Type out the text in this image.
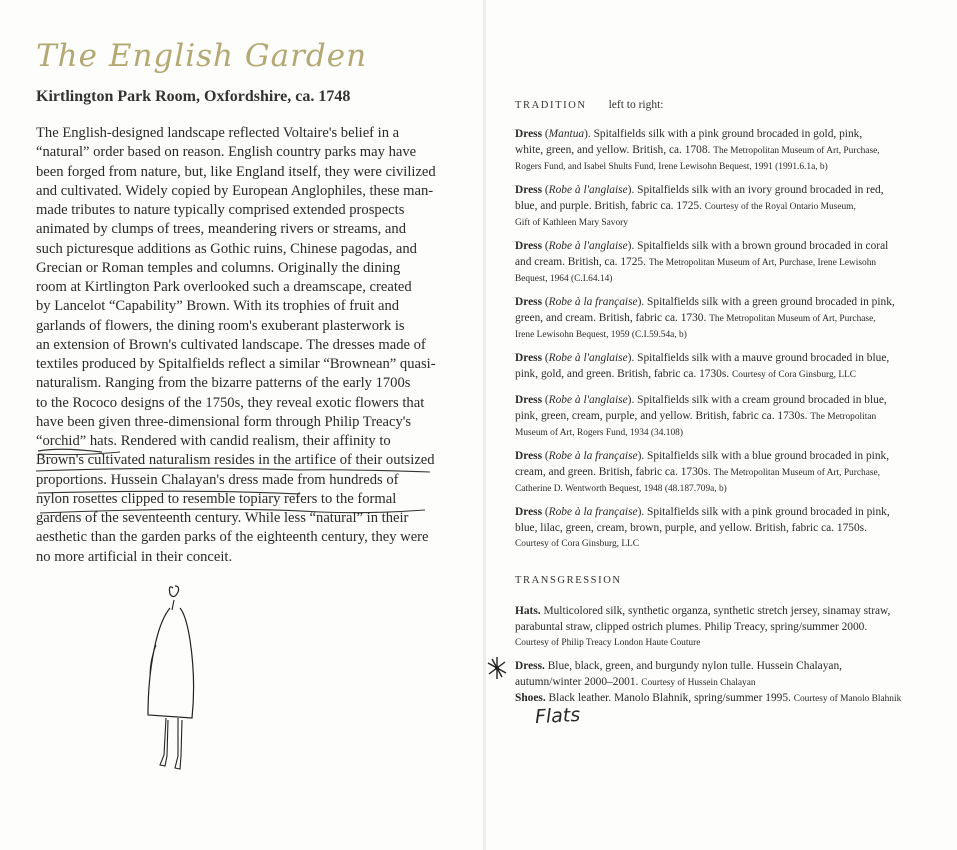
The English Garden
Kirtlington Park Room, Oxfordshire, ca. 1748
The English-designed landscape reflected Voltaire's belief in a
“natural” order based on reason. English country parks may have
been forged from nature, but, like England itself, they were civilized
and cultivated. Widely copied by European Anglophiles, these man-
made tributes to nature typically comprised extended prospects
animated by clumps of trees, meandering rivers or streams, and
such picturesque additions as Gothic ruins, Chinese pagodas, and
Grecian or Roman temples and columns. Originally the dining
room at Kirtlington Park overlooked such a dreamscape, created
by Lancelot “Capability” Brown. With its trophies of fruit and
garlands of flowers, the dining room's exuberant plasterwork is
an extension of Brown's cultivated landscape. The dresses made of
textiles produced by Spitalfields reflect a similar “Brownean” quasi-
naturalism. Ranging from the bizarre patterns of the early 1700s
to the Rococo designs of the 1750s, they reveal exotic flowers that
have been given three-dimensional form through Philip Treacy's
“orchid” hats. Rendered with candid realism, their affinity to
Brown's cultivated naturalism resides in the artifice of their outsized
proportions. Hussein Chalayan's dress made from hundreds of
nylon rosettes clipped to resemble topiary refers to the formal
gardens of the seventeenth century. While less “natural” in their
aesthetic than the garden parks of the eighteenth century, they were
no more artificial in their conceit.
TRADITION left to right:
Dress (Mantua). Spitalfields silk with a pink ground brocaded in gold, pink,
white, green, and yellow. British, ca. 1708. The Metropolitan Museum of Art, Purchase,
Rogers Fund, and Isabel Shults Fund, Irene Lewisohn Bequest, 1991 (1991.6.1a, b)
Dress (Robe à l'anglaise). Spitalfields silk with an ivory ground brocaded in red,
blue, and purple. British, fabric ca. 1725. Courtesy of the Royal Ontario Museum,
Gift of Kathleen Mary Savory
Dress (Robe à l'anglaise). Spitalfields silk with a brown ground brocaded in coral
and cream. British, ca. 1725. The Metropolitan Museum of Art, Purchase, Irene Lewisohn
Bequest, 1964 (C.I.64.14)
Dress (Robe à la française). Spitalfields silk with a green ground brocaded in pink,
green, and cream. British, fabric ca. 1730. The Metropolitan Museum of Art, Purchase,
Irene Lewisohn Bequest, 1959 (C.I.59.54a, b)
Dress (Robe à l'anglaise). Spitalfields silk with a mauve ground brocaded in blue,
pink, gold, and green. British, fabric ca. 1730s. Courtesy of Cora Ginsburg, LLC
Dress (Robe à l'anglaise). Spitalfields silk with a cream ground brocaded in blue,
pink, green, cream, purple, and yellow. British, fabric ca. 1730s. The Metropolitan
Museum of Art, Rogers Fund, 1934 (34.108)
Dress (Robe à la française). Spitalfields silk with a blue ground brocaded in pink,
cream, and green. British, fabric ca. 1730s. The Metropolitan Museum of Art, Purchase,
Catherine D. Wentworth Bequest, 1948 (48.187.709a, b)
Dress (Robe à la française). Spitalfields silk with a pink ground brocaded in pink,
blue, lilac, green, cream, brown, purple, and yellow. British, fabric ca. 1750s.
Courtesy of Cora Ginsburg, LLC
TRANSGRESSION
Hats. Multicolored silk, synthetic organza, synthetic stretch jersey, sinamay straw,
parabuntal straw, clipped ostrich plumes. Philip Treacy, spring/summer 2000.
Courtesy of Philip Treacy London Haute Couture
Dress. Blue, black, green, and burgundy nylon tulle. Hussein Chalayan,
autumn/winter 2000–2001. Courtesy of Hussein Chalayan
Shoes. Black leather. Manolo Blahnik, spring/summer 1995. Courtesy of Manolo Blahnik
Flats
